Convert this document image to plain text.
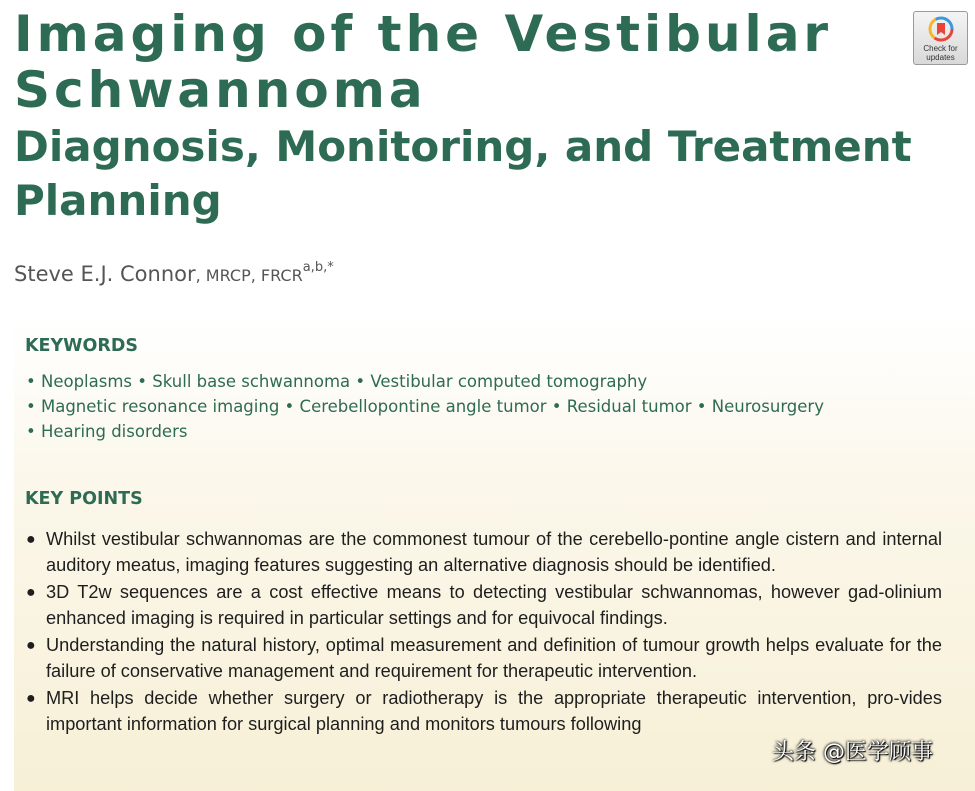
Imaging of the Vestibular
Schwannoma
Diagnosis, Monitoring, and Treatment Planning
Check for updates
Steve E.J. Connor, MRCP, $FRCR^{a,b,*}$
KEYWORDS
• Neoplasms • Skull base schwannoma • Vestibular computed tomography
• Magnetic resonance imaging • Cerebellopontine angle tumor • Residual tumor • Neurosurgery
• Hearing disorders
KEY POINTS
● Whilst vestibular schwannomas are the commonest tumour of the cerebello-pontine angle cistern and internal auditory meatus, imaging features suggesting an alternative diagnosis should be identified.
● 3D T2w sequences are a cost effective means to detecting vestibular schwannomas, however gad-olinium enhanced imaging is required in particular settings and for equivocal findings.
● Understanding the natural history, optimal measurement and definition of tumour growth helps evaluate for the failure of conservative management and requirement for therapeutic intervention.
● MRI helps decide whether surgery or radiotherapy is the appropriate therapeutic intervention, pro-vides important information for surgical planning and monitors tumours following
头条 @医学顾事
